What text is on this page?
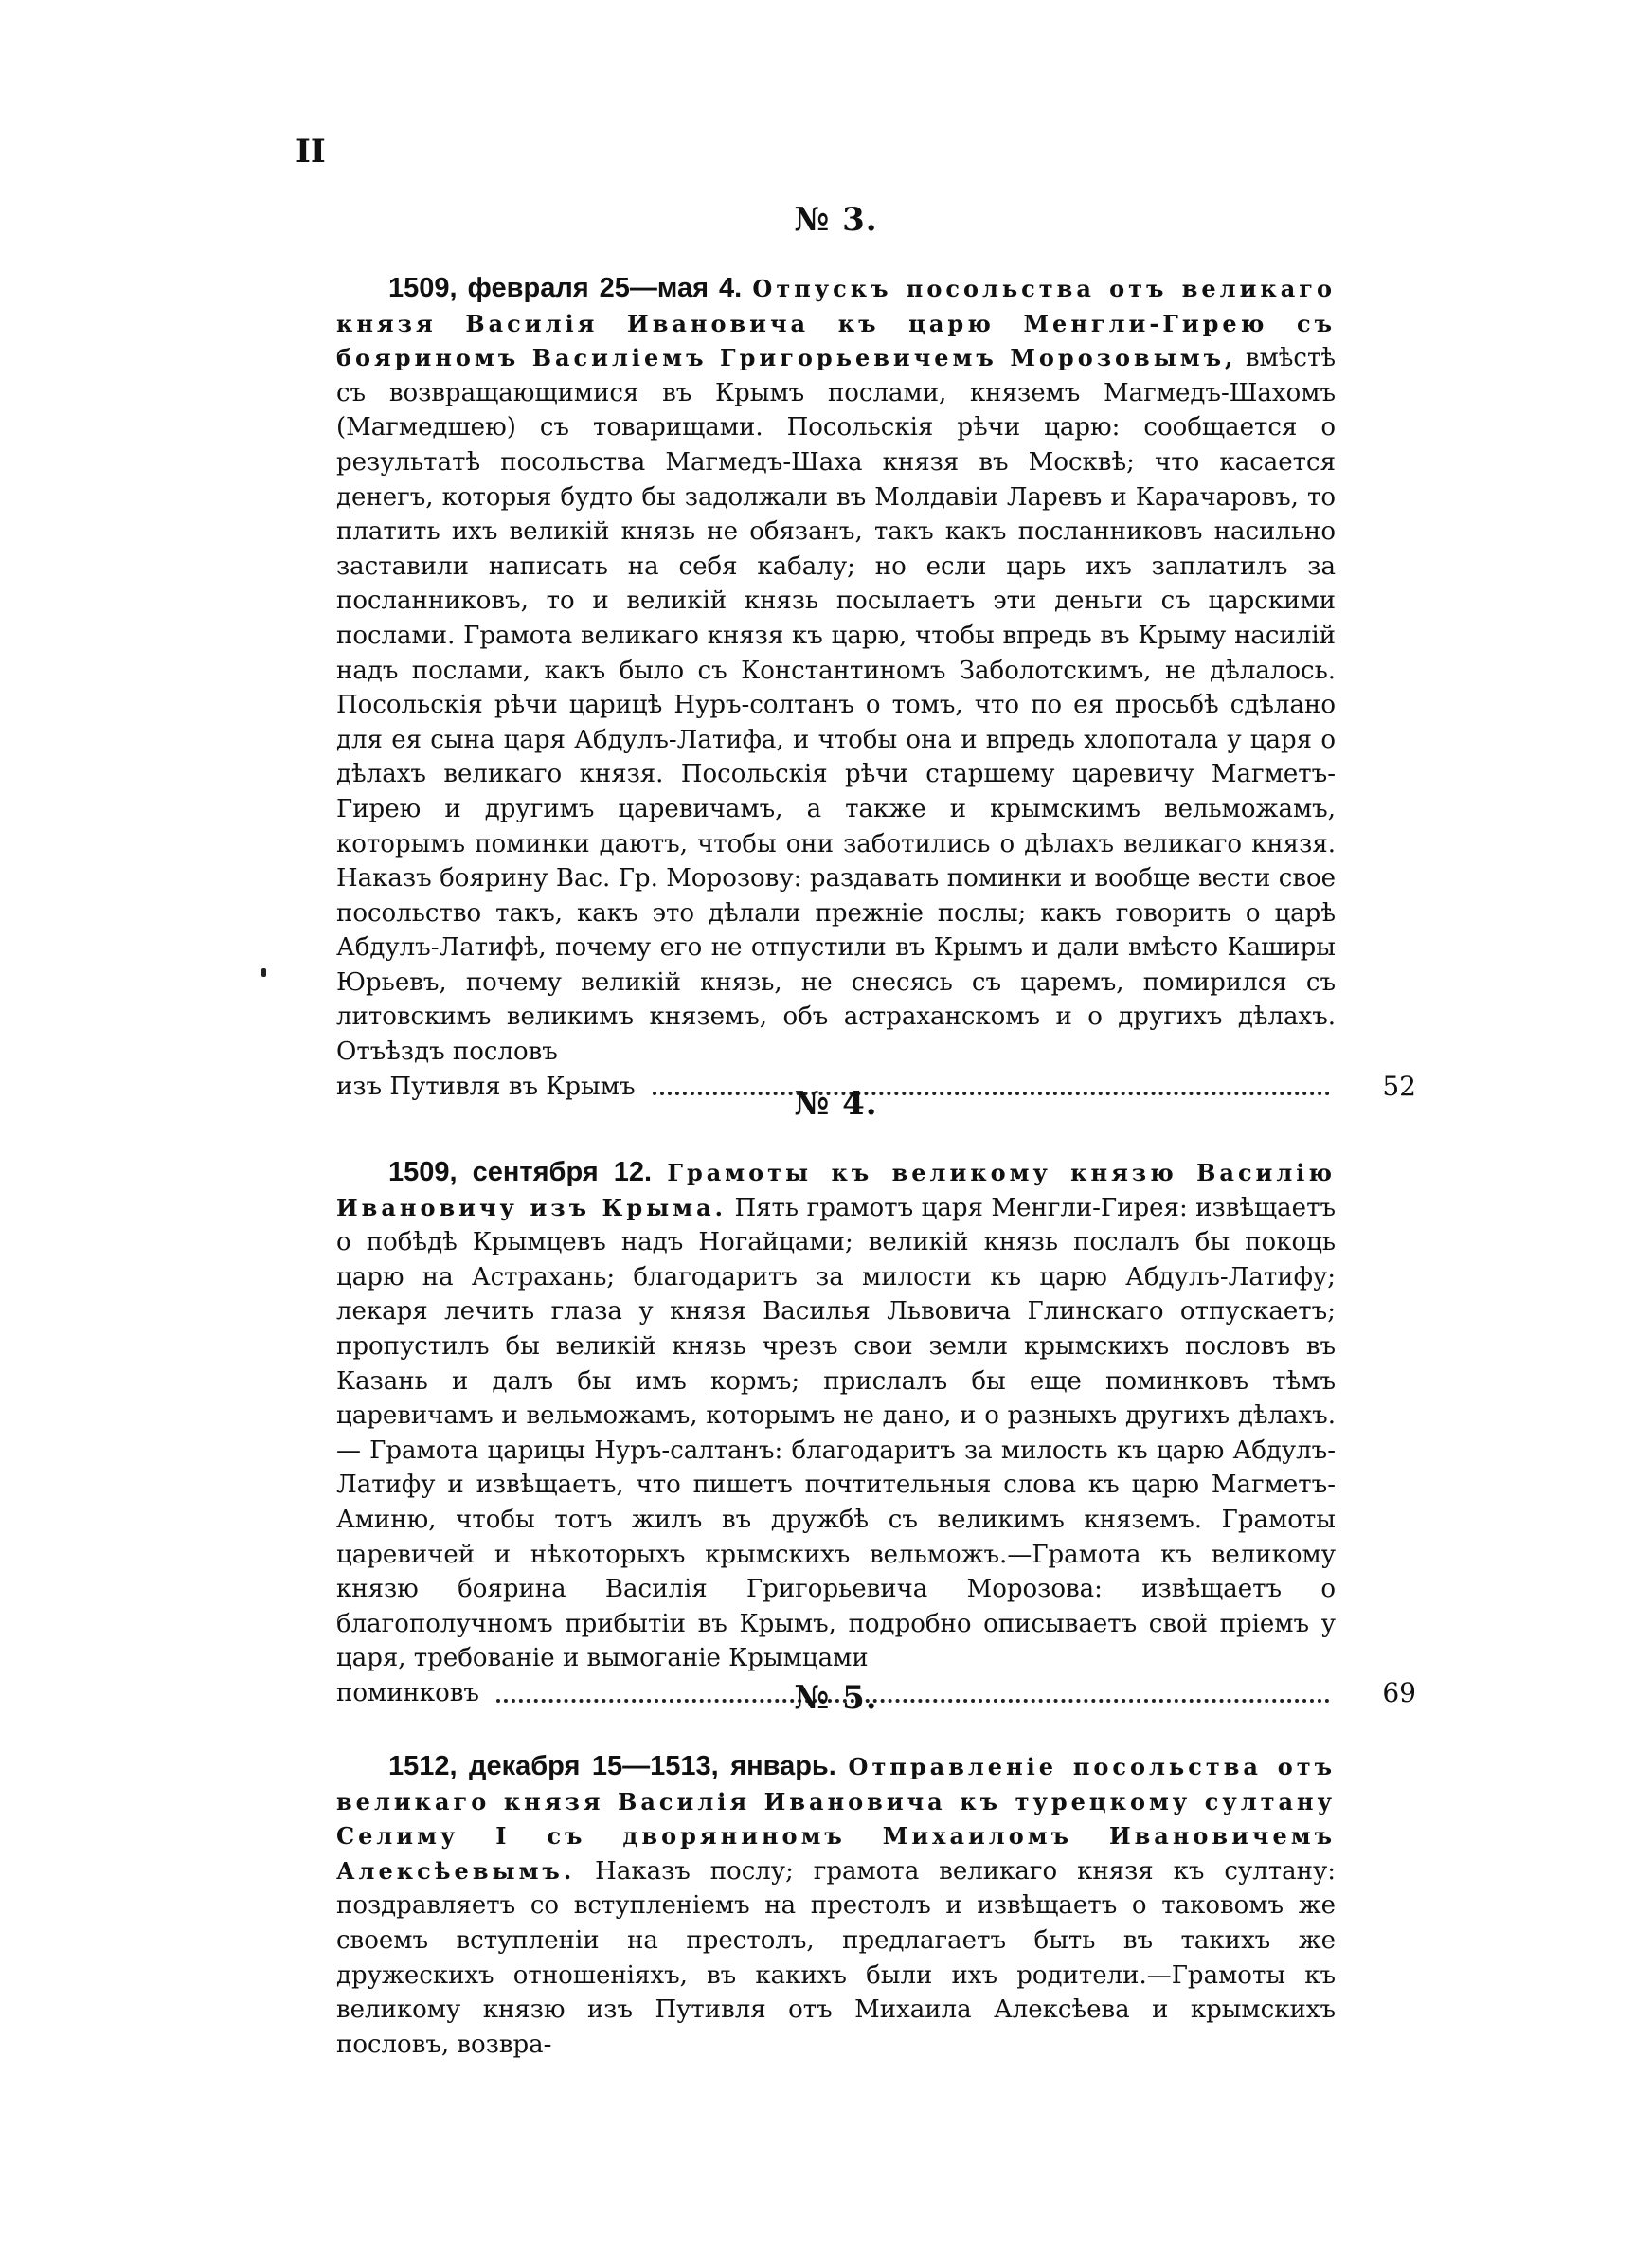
II
№ 3.

1509, февраля 25—мая 4. Отпускъ посольства отъ великаго князя Василія Ивановича къ царю Менгли-Гирею съ бояриномъ Василіемъ Григорьевичемъ Морозовымъ, вмѣстѣ съ возвращающимися въ Крымъ послами, княземъ Магмедъ-Шахомъ (Магмедшею) съ товарищами. Посольскія рѣчи царю: сообщается о результатѣ посольства Магмедъ-Шаха князя въ Москвѣ; что касается денегъ, которыя будто бы задолжали въ Молдавіи Ларевъ и Карачаровъ, то платить ихъ великій князь не обязанъ, такъ какъ посланниковъ насильно заставили написать на себя кабалу; но если царь ихъ заплатилъ за посланниковъ, то и великій князь посылаетъ эти деньги съ царскими послами. Грамота великаго князя къ царю, чтобы впредь въ Крыму насилій надъ послами, какъ было съ Константиномъ Заболотскимъ, не дѣлалось. Посольскія рѣчи царицѣ Нуръ-солтанъ о томъ, что по ея просьбѣ сдѣлано для ея сына царя Абдулъ-Латифа, и чтобы она и впредь хлопотала у царя о дѣлахъ великаго князя. Посольскія рѣчи старшему царевичу Магметъ-Гирею и другимъ царевичамъ, а также и крымскимъ вельможамъ, которымъ поминки даютъ, чтобы они заботились о дѣлахъ великаго князя. Наказъ боярину Вас. Гр. Морозову: раздавать поминки и вообще вести свое посольство такъ, какъ это дѣлали прежніе послы; какъ говорить о царѣ Абдулъ-Латифѣ, почему его не отпустили въ Крымъ и дали вмѣсто Каширы Юрьевъ, почему великій князь, не снесясь съ царемъ, помирился съ литовскимъ великимъ княземъ, объ астраханскомъ и о другихъ дѣлахъ. Отъѣздъ пословъ

изъ Путивля въ Крымъ	52
№ 4.

1509, сентября 12. Грамоты къ великому князю Василію Ивановичу изъ Крыма. Пять грамотъ царя Менгли-Гирея: извѣщаетъ о побѣдѣ Крымцевъ надъ Ногайцами; великій князь послалъ бы покоць царю на Астрахань; благодаритъ за милости къ царю Абдулъ-Латифу; лекаря лечить глаза у князя Василья Львовича Глинскаго отпускаетъ; пропустилъ бы великій князь чрезъ свои земли крымскихъ пословъ въ Казань и далъ бы имъ кормъ; прислалъ бы еще поминковъ тѣмъ царевичамъ и вельможамъ, которымъ не дано, и о разныхъ другихъ дѣлахъ. — Грамота царицы Нуръ-салтанъ: благодаритъ за милость къ царю Абдулъ-Латифу и извѣщаетъ, что пишетъ почтительныя слова къ царю Магметъ-Аминю, чтобы тотъ жилъ въ дружбѣ съ великимъ княземъ. Грамоты царевичей и нѣкоторыхъ крымскихъ вельможъ.—Грамота къ великому князю боярина Василія Григорьевича Морозова: извѣщаетъ о благополучномъ прибытіи въ Крымъ, подробно описываетъ свой пріемъ у царя, требованіе и вымоганіе Крымцами

поминковъ	69
№ 5.

1512, декабря 15—1513, январь. Отправленіе посольства отъ великаго князя Василія Ивановича къ турецкому султану Селиму I съ дворяниномъ Михаиломъ Ивановичемъ Алексѣевымъ. Наказъ послу; грамота великаго князя къ султану: поздравляетъ со вступленіемъ на престолъ и извѣщаетъ о таковомъ же своемъ вступленіи на престолъ, предлагаетъ быть въ такихъ же дружескихъ отношеніяхъ, въ какихъ были ихъ родители.—Грамоты къ великому князю изъ Путивля отъ Михаила Алексѣева и крымскихъ пословъ, возвра-
